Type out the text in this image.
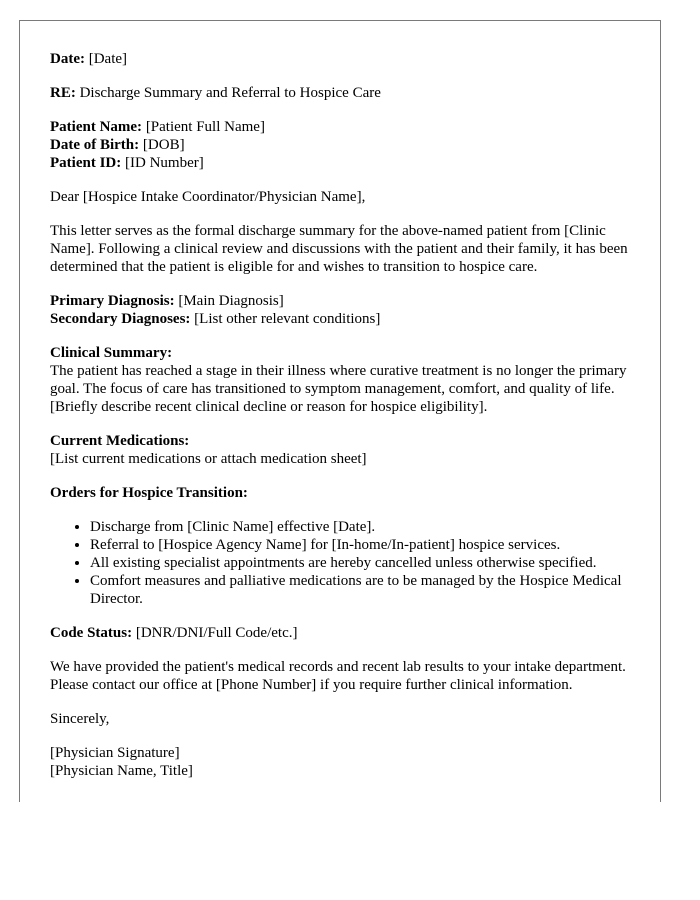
Date: [Date]

RE: Discharge Summary and Referral to Hospice Care

Patient Name: [Patient Full Name]
Date of Birth: [DOB]
Patient ID: [ID Number]

Dear [Hospice Intake Coordinator/Physician Name],

This letter serves as the formal discharge summary for the above-named patient from [Clinic Name]. Following a clinical review and discussions with the patient and their family, it has been determined that the patient is eligible for and wishes to transition to hospice care.

Primary Diagnosis: [Main Diagnosis]
Secondary Diagnoses: [List other relevant conditions]

Clinical Summary:
The patient has reached a stage in their illness where curative treatment is no longer the primary goal. The focus of care has transitioned to symptom management, comfort, and quality of life. [Briefly describe recent clinical decline or reason for hospice eligibility].

Current Medications:
[List current medications or attach medication sheet]

Orders for Hospice Transition:

• Discharge from [Clinic Name] effective [Date].
• Referral to [Hospice Agency Name] for [In-home/In-patient] hospice services.
• All existing specialist appointments are hereby cancelled unless otherwise specified.
• Comfort measures and palliative medications are to be managed by the Hospice Medical Director.

Code Status: [DNR/DNI/Full Code/etc.]

We have provided the patient's medical records and recent lab results to your intake department. Please contact our office at [Phone Number] if you require further clinical information.

Sincerely,

[Physician Signature]
[Physician Name, Title]
